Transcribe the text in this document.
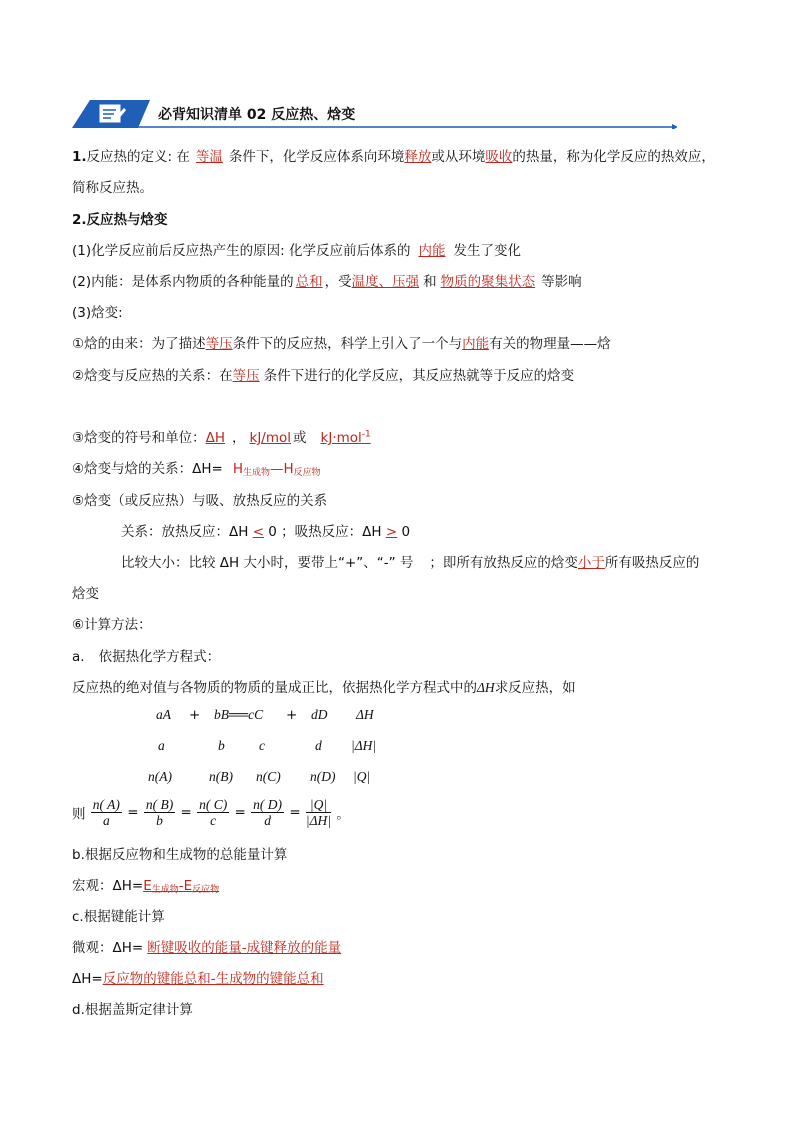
必背知识清单 02 反应热、焓变
1.反应热的定义: 在 等温 条件下，化学反应体系向环境释放或从环境吸收的热量，称为化学反应的热效应，
简称反应热。
2.反应热与焓变
(1)化学反应前后反应热产生的原因: 化学反应前后体系的 内能 发生了变化
(2)内能：是体系内物质的各种能量的 总和 ，受温度、压强 和 物质的聚集状态 等影响
(3)焓变:
①焓的由来：为了描述等压条件下的反应热，科学上引入了一个与内能有关的物理量——焓
②焓变与反应热的关系：在等压 条件下进行的化学反应，其反应热就等于反应的焓变
③焓变的符号和单位：ΔH ， kJ/mol 或 kJ·mol$^{-1}$
④焓变与焓的关系：$\Delta H= H_{生成物}—H_{反应物}$
⑤焓变（或反应热）与吸、放热反应的关系
关系：放热反应：ΔH < 0 ；吸热反应：ΔH > 0
比较大小：比较 ΔH 大小时，要带上“+”、“-” 号 ；即所有放热反应的焓变小于所有吸热反应的
焓变
⑥计算方法：
a. 依据热化学方程式：
反应热的绝对值与各物质的物质的量成正比，依据热化学方程式中的ΔH求反应热，如
aA + bB══cC + dD ΔH
a	b	c	d |ΔH|
n(A)	n(B) n(C) n(D) |Q|
则 $\frac{n( A)}{a} = \frac{n( B)}{b} = \frac{n( C)}{c} = \frac{n( D)}{d} = \frac{|Q|}{|\Delta H|}$ 。
b.根据反应物和生成物的总能量计算
宏观：$\Delta H=E_{生成物}-E_{反应物}$
c.根据键能计算
微观：ΔH= 断键吸收的能量-成键释放的能量
ΔH=反应物的键能总和-生成物的键能总和
d.根据盖斯定律计算
